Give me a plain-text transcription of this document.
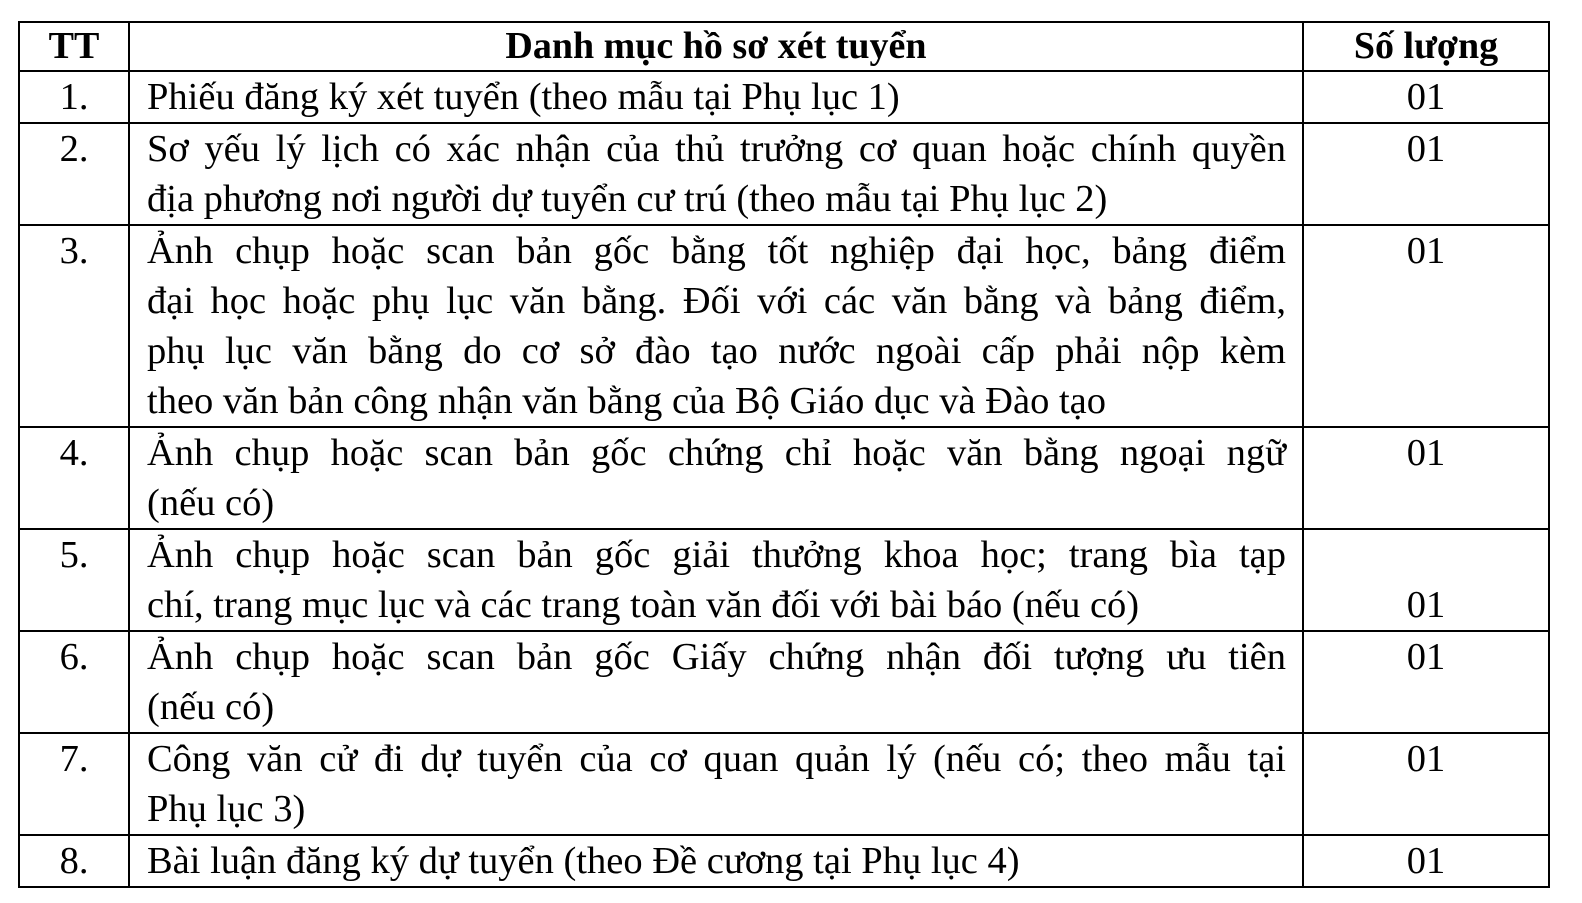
TT	Danh mục hồ sơ xét tuyển	Số lượng
1.	Phiếu đăng ký xét tuyển (theo mẫu tại Phụ lục 1)	01
2.	Sơ yếu lý lịch có xác nhận của thủ trưởng cơ quan hoặc chính quyền
địa phương nơi người dự tuyển cư trú (theo mẫu tại Phụ lục 2)	01
3.	Ảnh chụp hoặc scan bản gốc bằng tốt nghiệp đại học, bảng điểm
đại học hoặc phụ lục văn bằng. Đối với các văn bằng và bảng điểm,
phụ lục văn bằng do cơ sở đào tạo nước ngoài cấp phải nộp kèm
theo văn bản công nhận văn bằng của Bộ Giáo dục và Đào tạo	01
4.	Ảnh chụp hoặc scan bản gốc chứng chỉ hoặc văn bằng ngoại ngữ
(nếu có)	01
5.	Ảnh chụp hoặc scan bản gốc giải thưởng khoa học; trang bìa tạp
chí, trang mục lục và các trang toàn văn đối với bài báo (nếu có)	01
6.	Ảnh chụp hoặc scan bản gốc Giấy chứng nhận đối tượng ưu tiên
(nếu có)	01
7.	Công văn cử đi dự tuyển của cơ quan quản lý (nếu có; theo mẫu tại
Phụ lục 3)	01
8.	Bài luận đăng ký dự tuyển (theo Đề cương tại Phụ lục 4)	01
